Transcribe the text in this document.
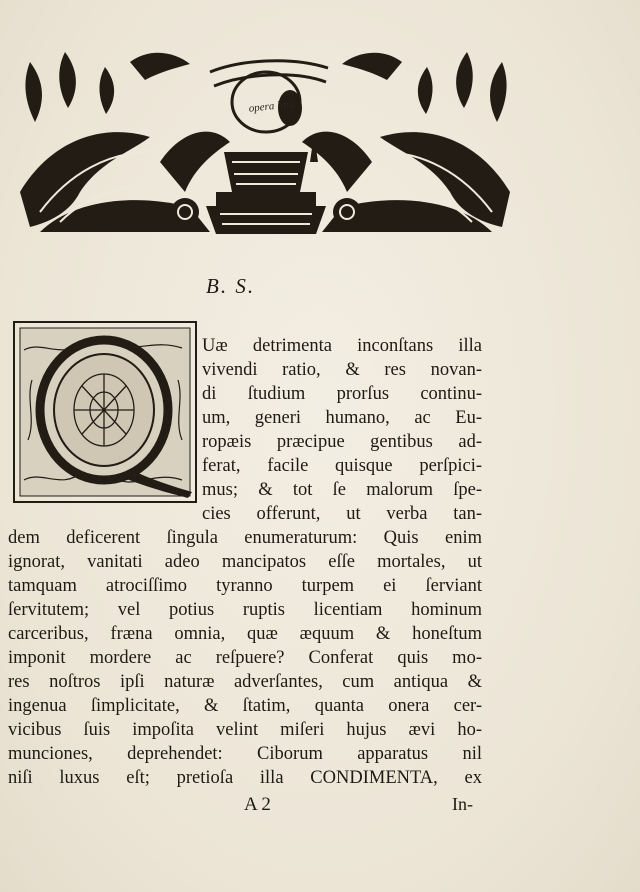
opera linq...
B. S.
Q
Uæ detrimenta inconſtans illa
vivendi ratio, & res novan-
di ſtudium prorſus continu-
um, generi humano, ac Eu-
ropæis præcipue gentibus ad-
ferat, facile quisque perſpici-
mus; & tot ſe malorum ſpe-
cies offerunt, ut verba tan-
dem deficerent ſingula enumeraturum: Quis enim
ignorat, vanitati adeo mancipatos eſſe mortales, ut
tamquam atrociſſimo tyranno turpem ei ſerviant
ſervitutem; vel potius ruptis licentiam hominum
carceribus, fræna omnia, quæ æquum & honeſtum
imponit mordere ac reſpuere? Conferat quis mo-
res noſtros ipſi naturæ adverſantes, cum antiqua &
ingenua ſimplicitate, & ſtatim, quanta onera cer-
vicibus ſuis impoſita velint miſeri hujus ævi ho-
munciones, deprehendet: Ciborum apparatus nil
niſi luxus eſt; pretioſa illa CONDIMENTA, ex
A 2	In-
